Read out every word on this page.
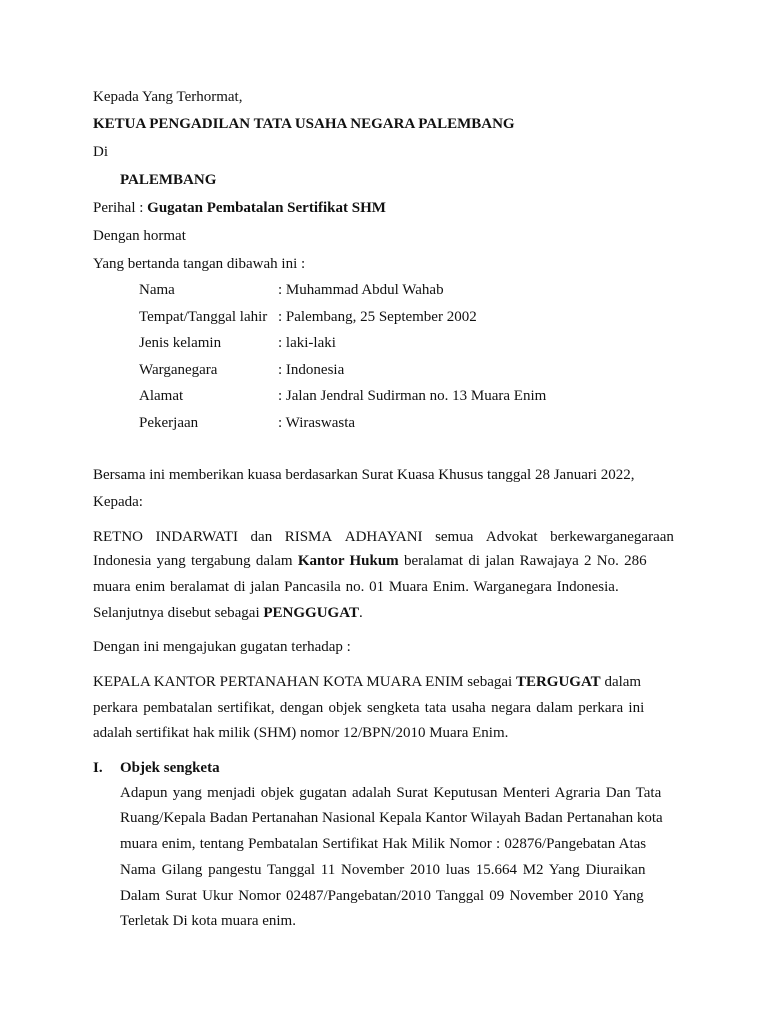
Kepada Yang Terhormat,
KETUA PENGADILAN TATA USAHA NEGARA PALEMBANG
Di
PALEMBANG
Perihal : Gugatan Pembatalan Sertifikat SHM
Dengan hormat
Yang bertanda tangan dibawah ini :
Nama	: Muhammad Abdul Wahab
Tempat/Tanggal lahir : Palembang, 25 September 2002
Jenis kelamin	: laki-laki
Warganegara	: Indonesia
Alamat	: Jalan Jendral Sudirman no. 13 Muara Enim
Pekerjaan	: Wiraswasta
Bersama ini memberikan kuasa berdasarkan Surat Kuasa Khusus tanggal 28 Januari 2022,
Kepada:
RETNO INDARWATI dan RISMA ADHAYANI semua Advokat berkewarganegaraan
Indonesia yang tergabung dalam Kantor Hukum beralamat di jalan Rawajaya 2 No. 286
muara enim beralamat di jalan Pancasila no. 01 Muara Enim. Warganegara Indonesia.
Selanjutnya disebut sebagai PENGGUGAT.
Dengan ini mengajukan gugatan terhadap :
KEPALA KANTOR PERTANAHAN KOTA MUARA ENIM sebagai TERGUGAT dalam
perkara pembatalan sertifikat, dengan objek sengketa tata usaha negara dalam perkara ini
adalah sertifikat hak milik (SHM) nomor 12/BPN/2010 Muara Enim.
I. Objek sengketa
Adapun yang menjadi objek gugatan adalah Surat Keputusan Menteri Agraria Dan Tata
Ruang/Kepala Badan Pertanahan Nasional Kepala Kantor Wilayah Badan Pertanahan kota
muara enim, tentang Pembatalan Sertifikat Hak Milik Nomor : 02876/Pangebatan Atas
Nama Gilang pangestu Tanggal 11 November 2010 luas 15.664 M2 Yang Diuraikan
Dalam Surat Ukur Nomor 02487/Pangebatan/2010 Tanggal 09 November 2010 Yang
Terletak Di kota muara enim.
